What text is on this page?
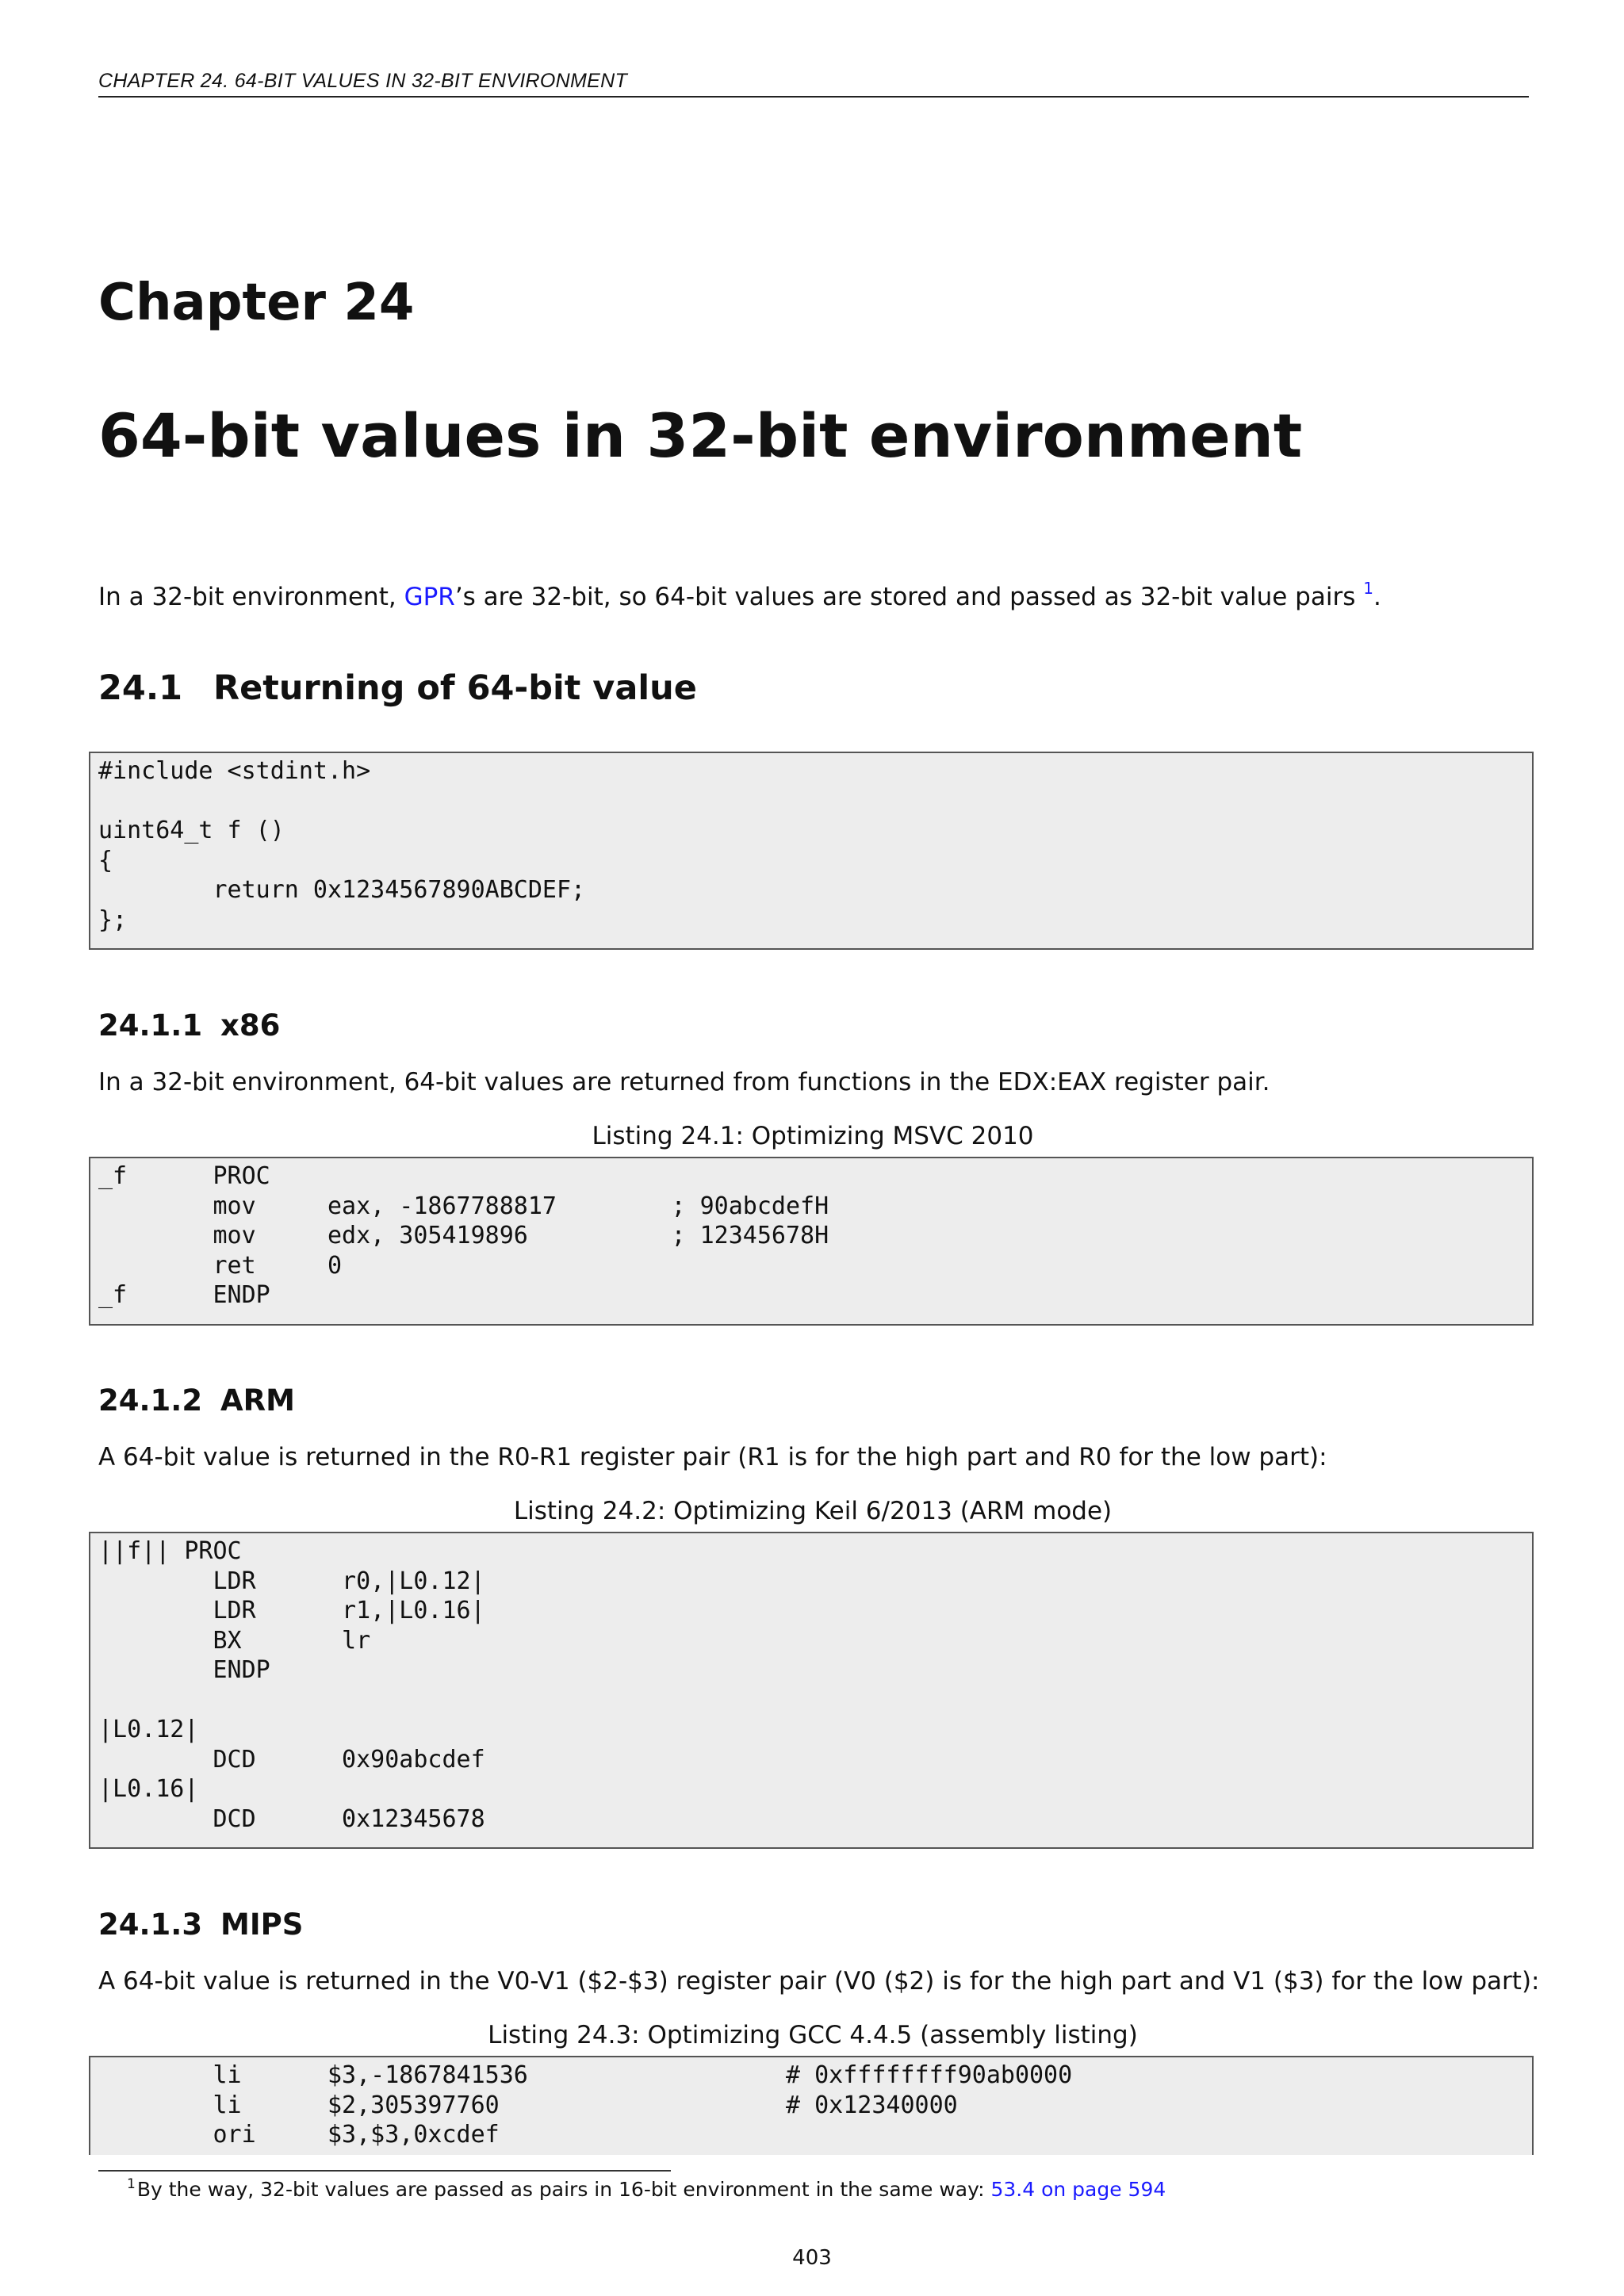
CHAPTER 24. 64-BIT VALUES IN 32-BIT ENVIRONMENT
Chapter 24
64-bit values in 32-bit environment
In a 32-bit environment, GPR’s are 32-bit, so 64-bit values are stored and passed as 32-bit value pairs $^1$.
24.1 Returning of 64-bit value
#include <stdint.h>

uint64_t f ()
{
return 0x1234567890ABCDEF;
};
24.1.1 x86
In a 32-bit environment, 64-bit values are returned from functions in the EDX:EAX register pair.
Listing 24.1: Optimizing MSVC 2010
_f      PROC
mov     eax, -1867788817        ; 90abcdefH
mov     edx, 305419896          ; 12345678H
ret     0
_f      ENDP
24.1.2 ARM
A 64-bit value is returned in the R0-R1 register pair (R1 is for the high part and R0 for the low part):
Listing 24.2: Optimizing Keil 6/2013 (ARM mode)
||f|| PROC
LDR      r0,|L0.12|
LDR      r1,|L0.16|
BX       lr
ENDP

|L0.12|
DCD      0x90abcdef
|L0.16|
DCD      0x12345678
24.1.3 MIPS
A 64-bit value is returned in the V0-V1 ($2-$3) register pair (V0 ($2) is for the high part and V1 ($3) for the low part):
Listing 24.3: Optimizing GCC 4.4.5 (assembly listing)
li      $3,-1867841536                  # 0xffffffff90ab0000
li      $2,305397760                    # 0x12340000
ori     $3,$3,0xcdef
$^1$By the way, 32-bit values are passed as pairs in 16-bit environment in the same way: 53.4 on page 594
403
